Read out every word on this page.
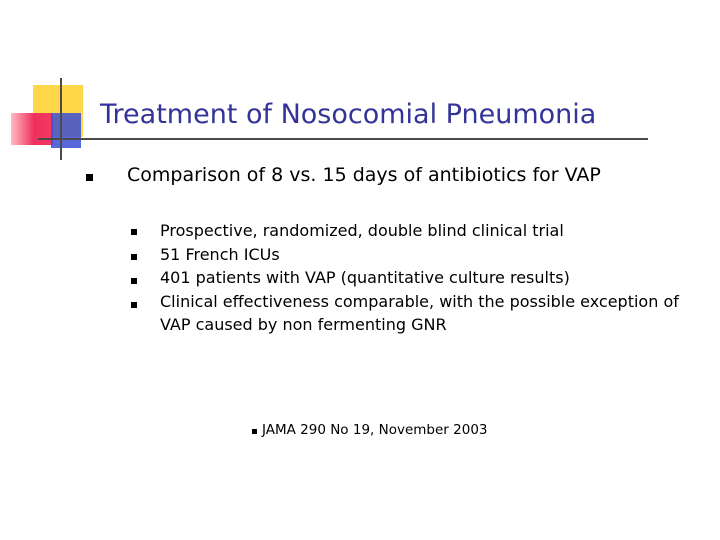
Treatment of Nosocomial Pneumonia
Comparison of 8 vs. 15 days of antibiotics for VAP
Prospective, randomized, double blind clinical trial
51 French ICUs
401 patients with VAP (quantitative culture results)
Clinical effectiveness comparable, with the possible exception of
VAP caused by non fermenting GNR
JAMA 290 No 19, November 2003
